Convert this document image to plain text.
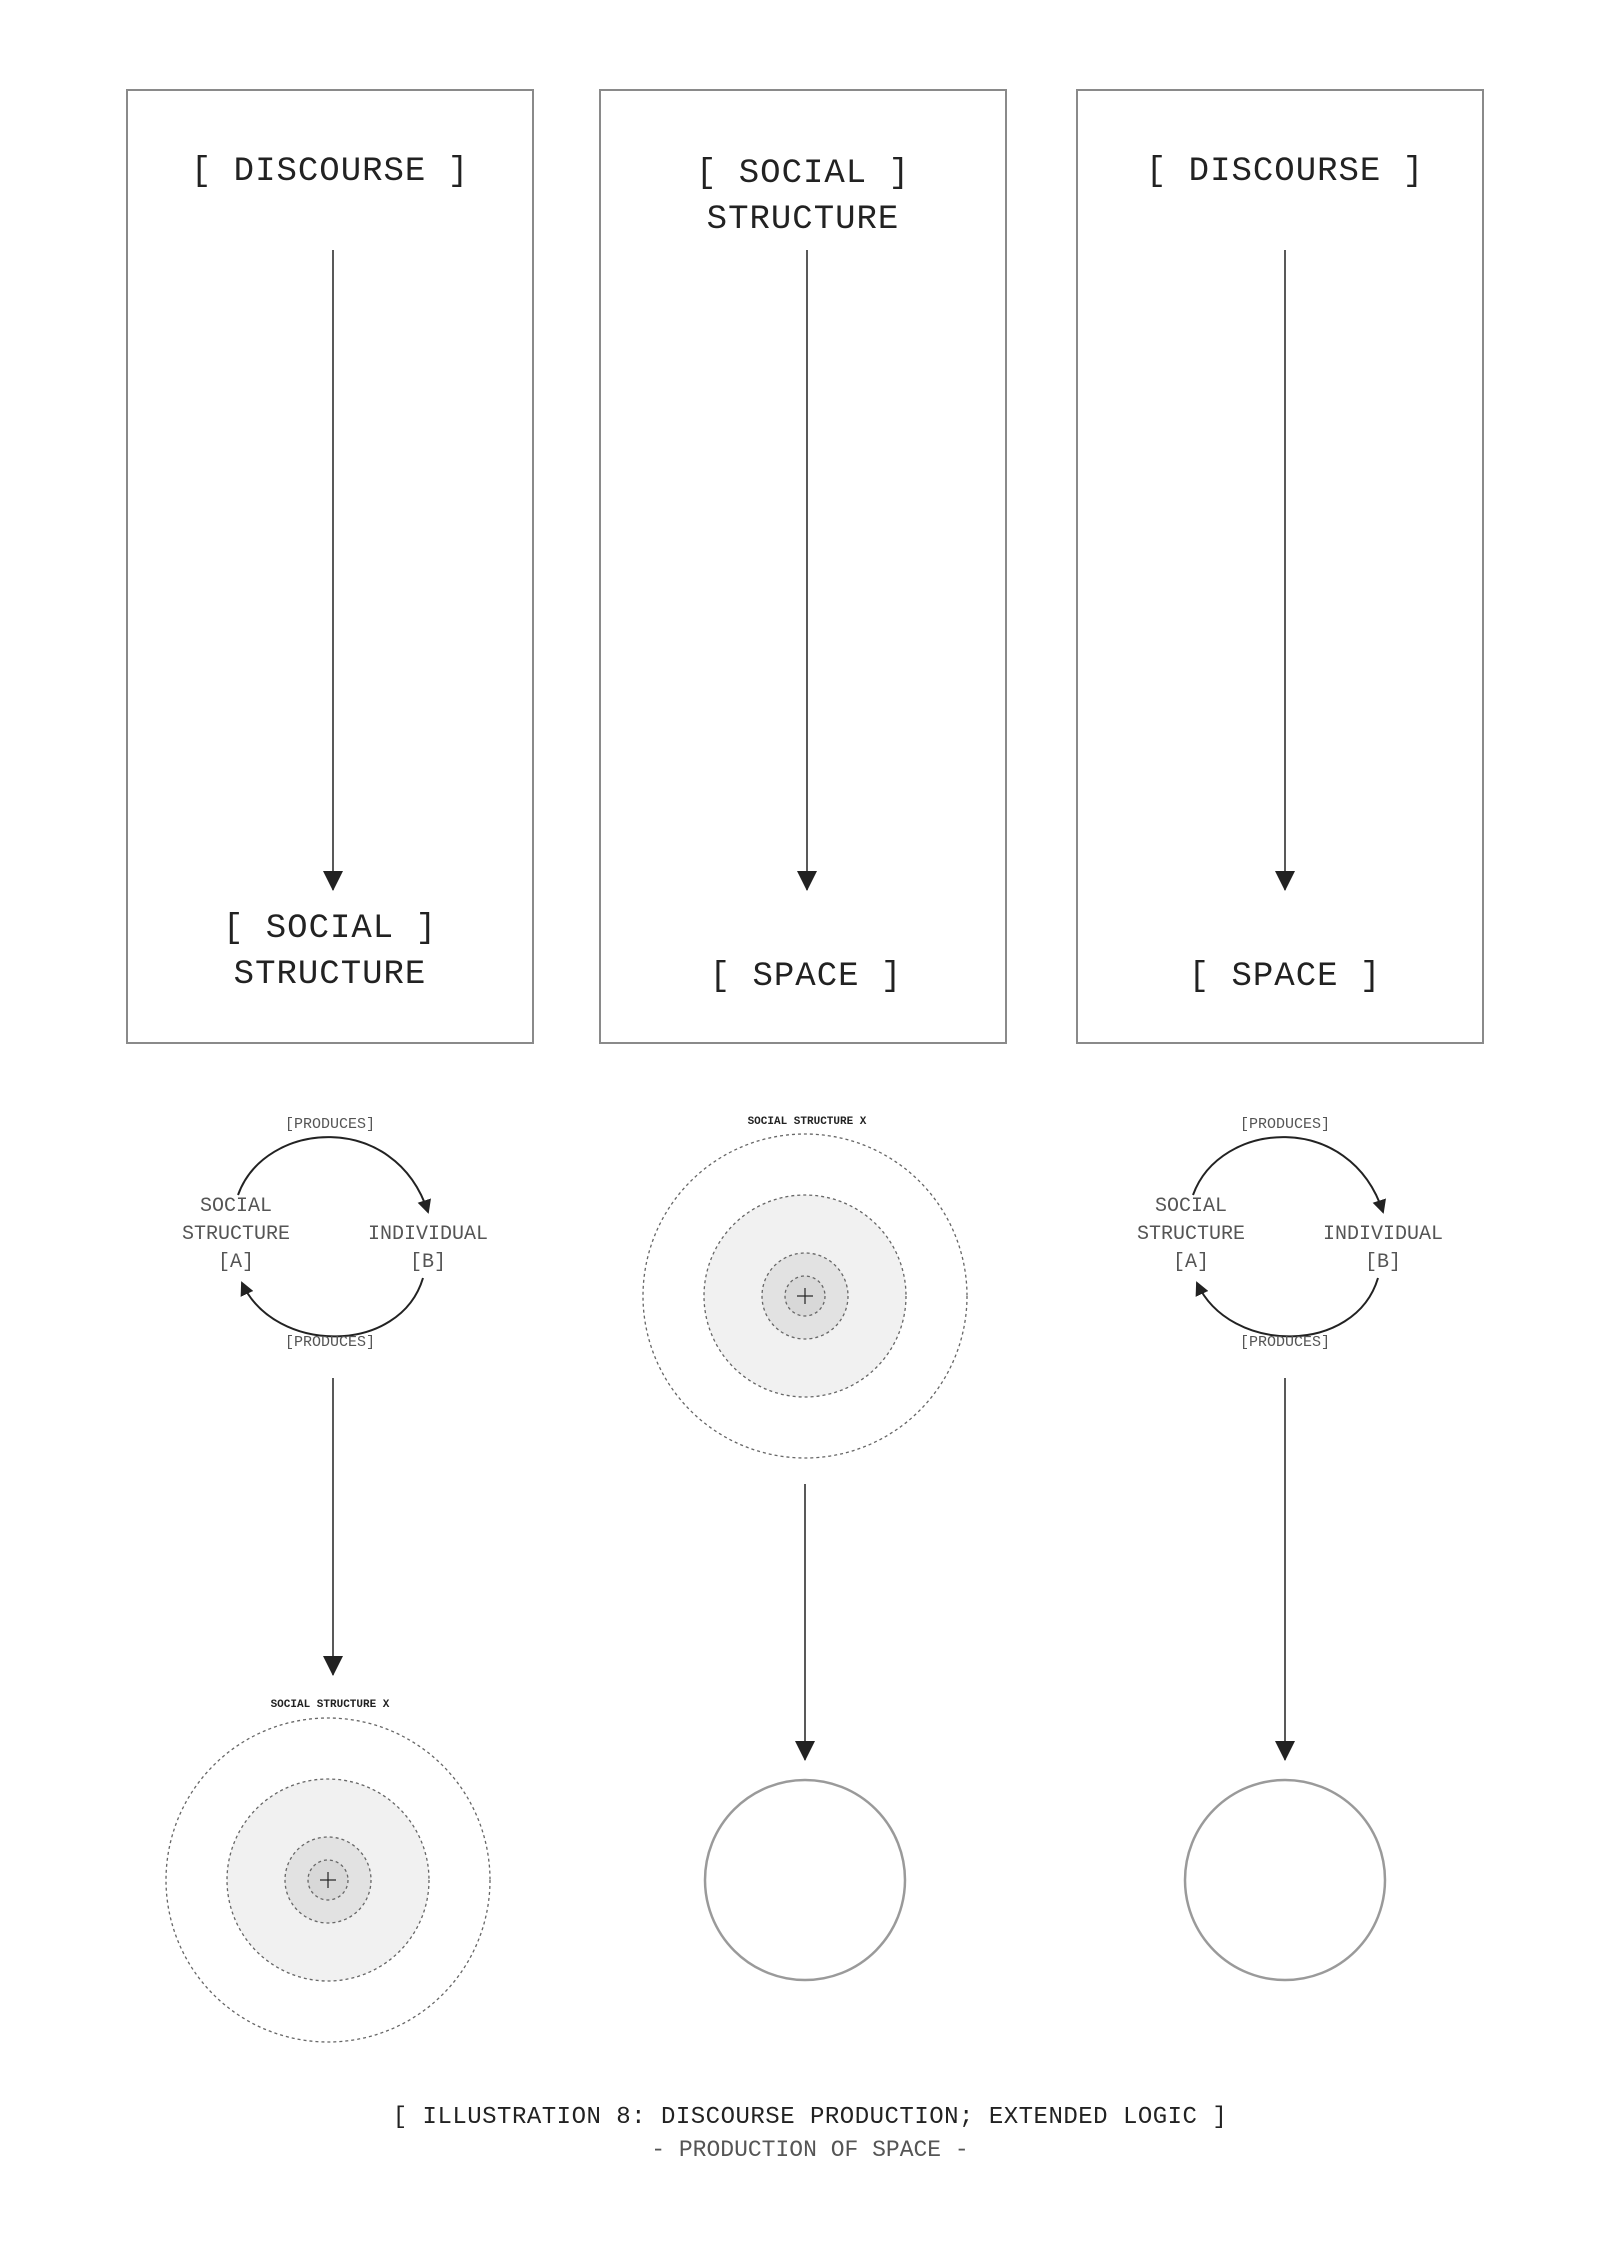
[ DISCOURSE ]
[ SOCIAL ]
STRUCTURE
[ SOCIAL ]
STRUCTURE
[ SPACE ]
[ DISCOURSE ]
[ SPACE ]
[PRODUCES]
SOCIAL
STRUCTURE
[A]
INDIVIDUAL
[B]
[PRODUCES]
SOCIAL STRUCTURE X
SOCIAL STRUCTURE X	[PRODUCES]
SOCIAL
STRUCTURE
[A]
INDIVIDUAL
[B]
[PRODUCES]
[ ILLUSTRATION 8: DISCOURSE PRODUCTION; EXTENDED LOGIC ]
- PRODUCTION OF SPACE -
